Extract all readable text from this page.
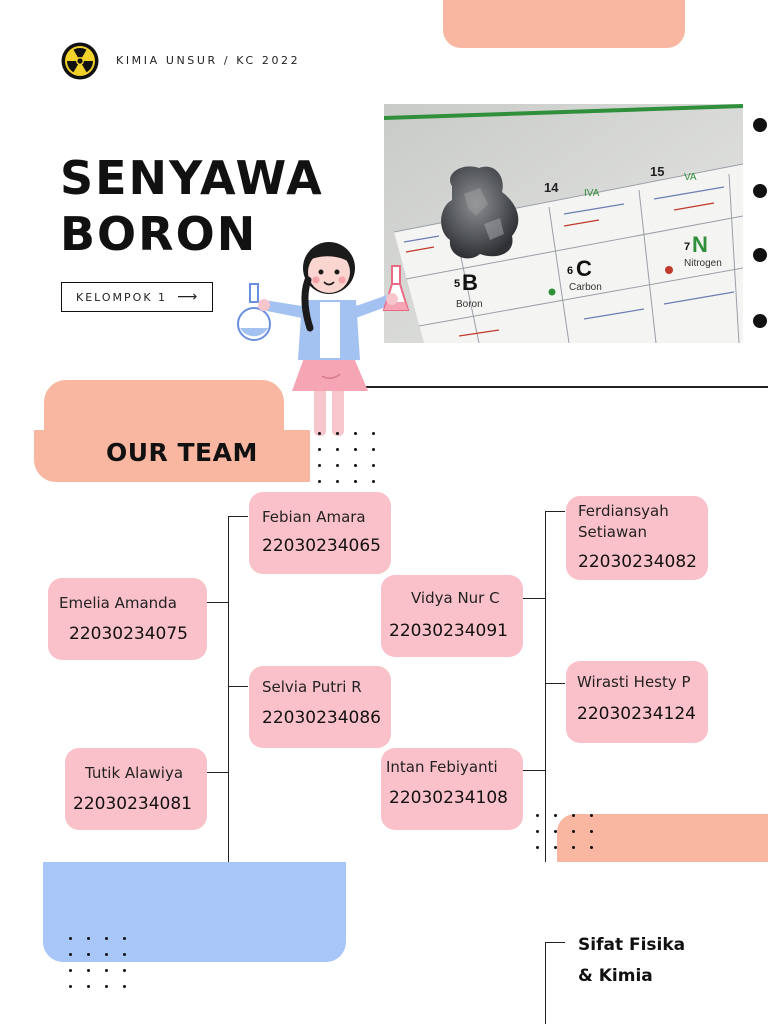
KIMIA UNSUR / KC 2022
SENYAWA
BORON
KELOMPOK 1 ⟶
14
15
IVA
VA
5 B	6 C
7 N
Boron
Carbon
Nitrogen
OUR TEAM
Febian Amara
22030234065
Emelia Amanda
22030234075
Selvia Putri R
22030234086
Tutik Alawiya
22030234081
Ferdiansyah
Setiawan
22030234082
Vidya Nur C
22030234091
Wirasti Hesty P
22030234124
Intan Febiyanti
22030234108
Sifat Fisika
& Kimia
